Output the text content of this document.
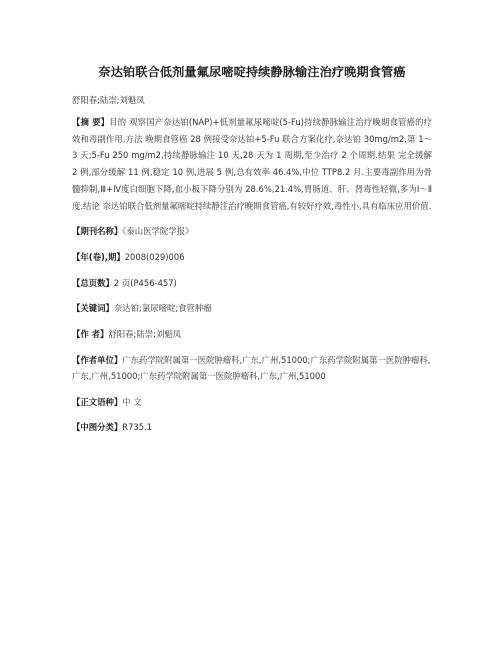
奈达铂联合低剂量氟尿嘧啶持续静脉输注治疗晚期食管癌
舒阳春;陆崇;刘魁凤
【摘 要】目的 观察国产奈达铂(NAP)+低剂量氟尿嘧啶(5-Fu)持续静脉输注治疗晚期食管癌的疗效和毒副作用.方法 晚期食管癌 28 例接受奈达铂+5-Fu 联合方案化疗,奈达铂 30mg/m2,第 1～3 天;5-Fu 250 mg/m2,持续静脉输注 10 天,28 天为 1 周期,至少治疗 2 个周期.结果 完全缓解 2 例,部分缓解 11 例,稳定 10 例,进展 5 例,总有效率 46.4%,中位 TTP8.2 月.主要毒副作用为骨髓抑制,Ⅲ+Ⅳ度白细胞下降,血小板下降分别为 28.6%,21.4%,胃肠道、肝、肾毒性轻微,多为Ⅰ～Ⅱ度.结论 奈达铂联合低剂量氟嘧啶持续静注治疗晚期食管癌,有较好疗效,毒性小,具有临床应用价值.
【期刊名称】《泰山医学院学报》
【年(卷),期】2008(029)006
【总页数】2 页(P456-457)
【关键词】奈达铂;氯尿嘧啶;食管肿瘤
【作 者】舒阳春;陆崇;刘魁凤
【作者单位】广东药学院附属第一医院肿瘤科,广东,广州,51000;广东药学院附属第一医院肿瘤科,广东,广州,51000;广东药学院附属第一医院肿瘤科,广东,广州,51000
【正文语种】中 文
【中图分类】R735.1
